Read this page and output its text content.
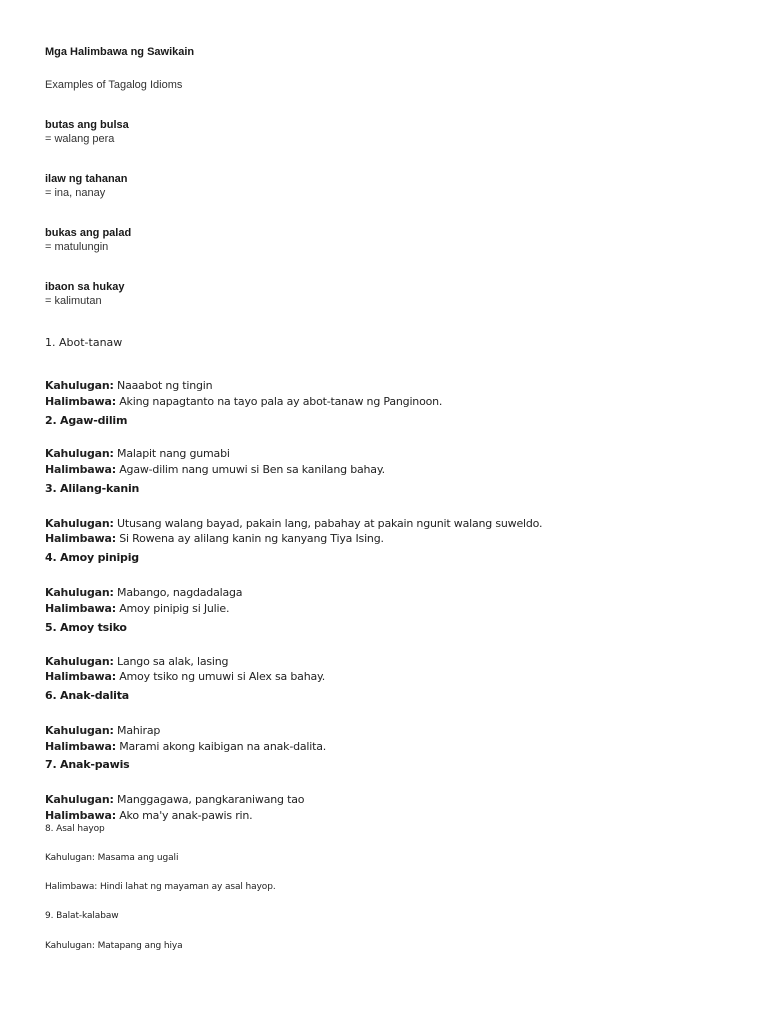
Mga Halimbawa ng Sawikain
Examples of Tagalog Idioms
butas ang bulsa
= walang pera
ilaw ng tahanan
= ina, nanay
bukas ang palad
= matulungin
ibaon sa hukay
= kalimutan
1. Abot-tanaw
Kahulugan: Naaabot ng tingin
Halimbawa: Aking napagtanto na tayo pala ay abot-tanaw ng Panginoon.
2. Agaw-dilim
Kahulugan: Malapit nang gumabi
Halimbawa: Agaw-dilim nang umuwi si Ben sa kanilang bahay.
3. Alilang-kanin
Kahulugan: Utusang walang bayad, pakain lang, pabahay at pakain ngunit walang suweldo.
Halimbawa: Si Rowena ay alilang kanin ng kanyang Tiya Ising.
4. Amoy pinipig
Kahulugan: Mabango, nagdadalaga
Halimbawa: Amoy pinipig si Julie.
5. Amoy tsiko
Kahulugan: Lango sa alak, lasing
Halimbawa: Amoy tsiko ng umuwi si Alex sa bahay.
6. Anak-dalita
Kahulugan: Mahirap
Halimbawa: Marami akong kaibigan na anak-dalita.
7. Anak-pawis
Kahulugan: Manggagawa, pangkaraniwang tao
Halimbawa: Ako ma'y anak-pawis rin.
8. Asal hayop
Kahulugan: Masama ang ugali
Halimbawa: Hindi lahat ng mayaman ay asal hayop.
9. Balat-kalabaw
Kahulugan: Matapang ang hiya
